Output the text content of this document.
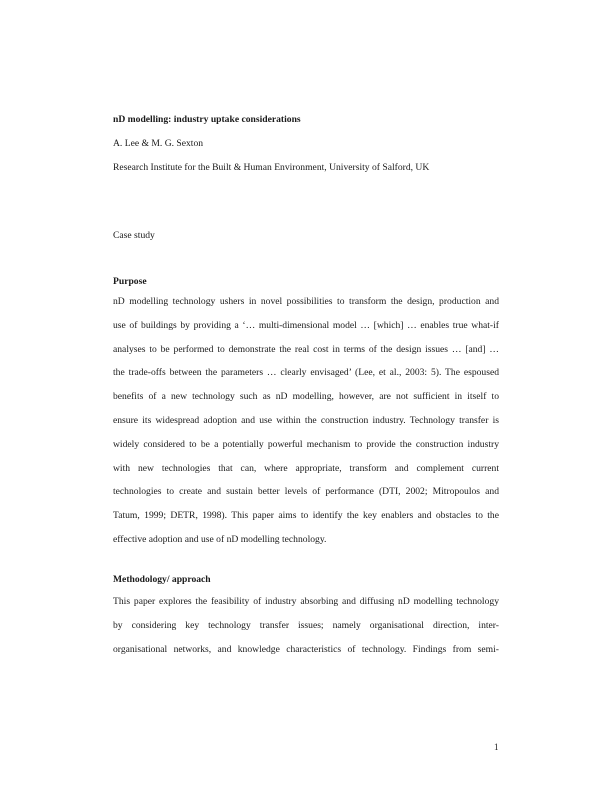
nD modelling: industry uptake considerations
A. Lee & M. G. Sexton
Research Institute for the Built & Human Environment, University of Salford, UK
Case study
Purpose
nD modelling technology ushers in novel possibilities to transform the design, production and
use of buildings by providing a ‘… multi-dimensional model … [which] … enables true what-if
analyses to be performed to demonstrate the real cost in terms of the design issues … [and] …
the trade-offs between the parameters … clearly envisaged’ (Lee, et al., 2003: 5). The espoused
benefits of a new technology such as nD modelling, however, are not sufficient in itself to
ensure its widespread adoption and use within the construction industry. Technology transfer is
widely considered to be a potentially powerful mechanism to provide the construction industry
with new technologies that can, where appropriate, transform and complement current
technologies to create and sustain better levels of performance (DTI, 2002; Mitropoulos and
Tatum, 1999; DETR, 1998). This paper aims to identify the key enablers and obstacles to the
effective adoption and use of nD modelling technology.
Methodology/ approach
This paper explores the feasibility of industry absorbing and diffusing nD modelling technology
by considering key technology transfer issues; namely organisational direction, inter-
organisational networks, and knowledge characteristics of technology. Findings from semi-
1
